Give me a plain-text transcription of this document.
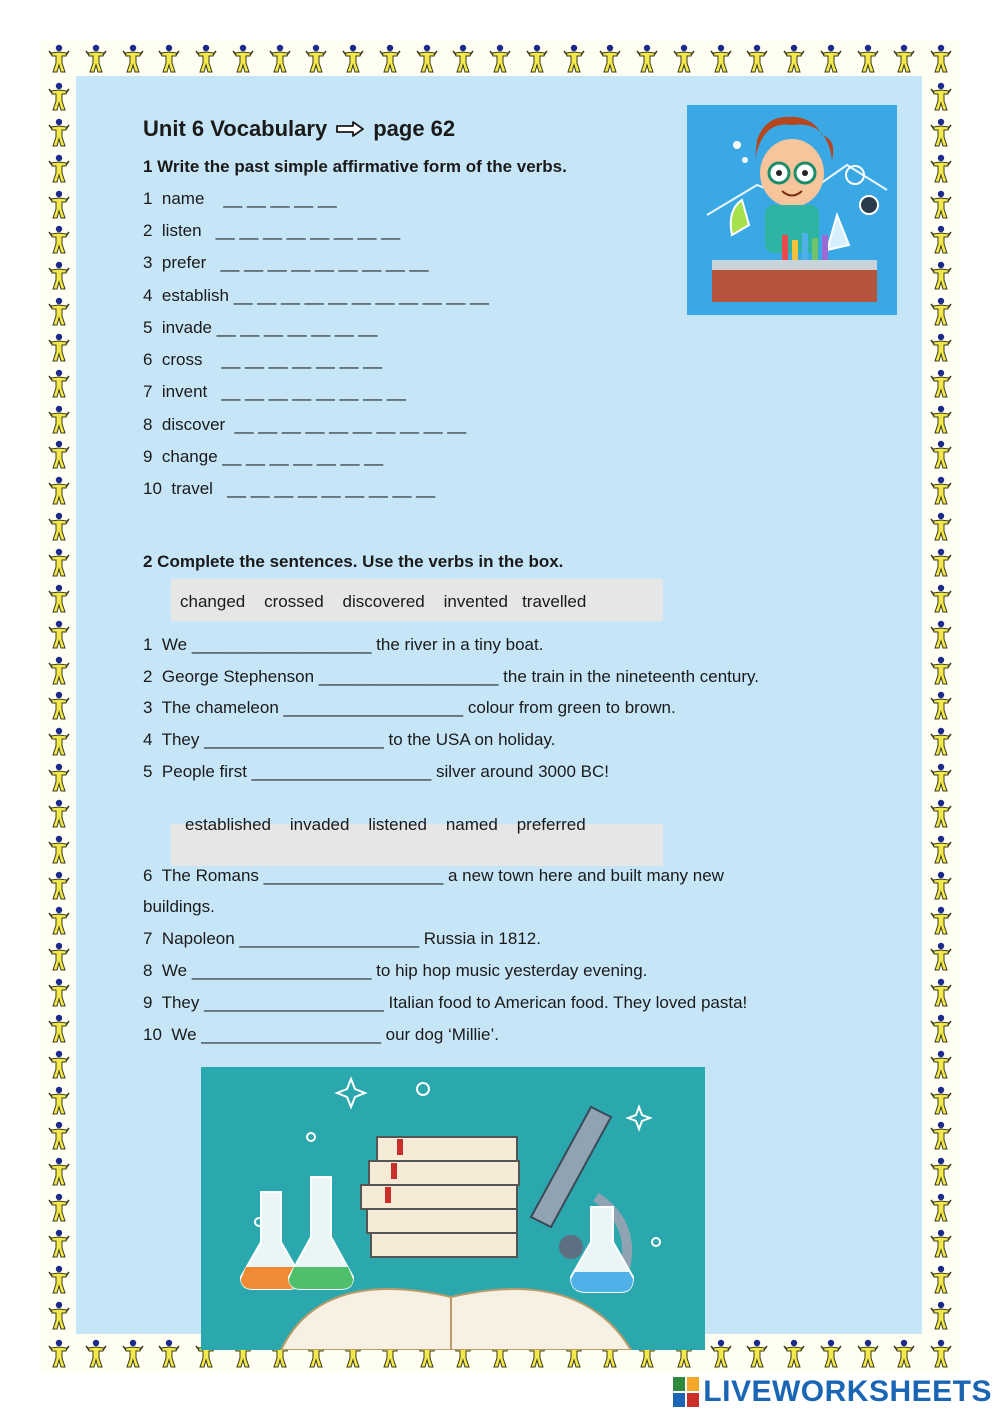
Unit 6 Vocabulary page 62
1 Write the past simple affirmative form of the verbs.
1  name    __ __ __ __ __
2  listen   __ __ __ __ __ __ __ __
3  prefer   __ __ __ __ __ __ __ __ __
4  establish __ __ __ __ __ __ __ __ __ __ __
5  invade __ __ __ __ __ __ __
6  cross    __ __ __ __ __ __ __
7  invent   __ __ __ __ __ __ __ __
8  discover  __ __ __ __ __ __ __ __ __ __
9  change __ __ __ __ __ __ __
10  travel   __ __ __ __ __ __ __ __ __
2 Complete the sentences. Use the verbs in the box.
changed    crossed    discovered    invented   travelled
1  We ___________________ the river in a tiny boat.
2  George Stephenson ___________________ the train in the nineteenth century.
3  The chameleon ___________________ colour from green to brown.
4  They ___________________ to the USA on holiday.
5  People first ___________________ silver around 3000 BC!
established    invaded    listened    named    preferred
6  The Romans ___________________ a new town here and built many new
buildings.
7  Napoleon ___________________ Russia in 1812.
8  We ___________________ to hip hop music yesterday evening.
9  They ___________________ Italian food to American food. They loved pasta!
10  We ___________________ our dog ‘Millie’.
LIVEWORKSHEETS
